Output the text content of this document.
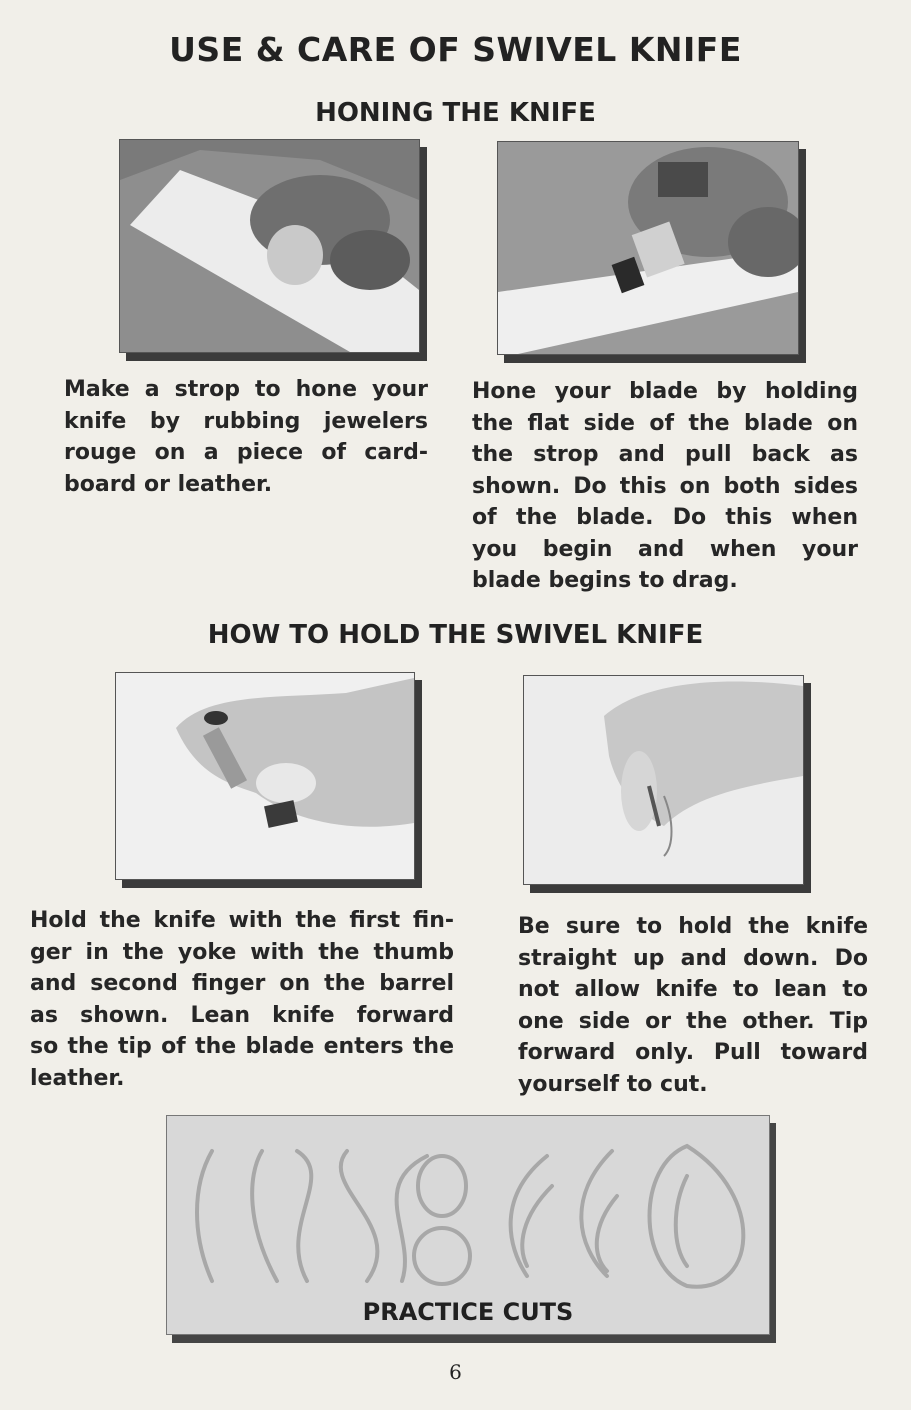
USE & CARE OF SWIVEL KNIFE
HONING THE KNIFE
Make a strop to hone your
knife by rubbing jewelers
rouge on a piece of card-
board or leather.
Hone your blade by holding
the flat side of the blade on
the strop and pull back as
shown. Do this on both sides
of the blade. Do this when
you begin and when your
blade begins to drag.
HOW TO HOLD THE SWIVEL KNIFE
Hold the knife with the first fin-
ger in the yoke with the thumb
and second finger on the barrel
as shown. Lean knife forward
so the tip of the blade enters the
leather.
Be sure to hold the knife
straight up and down. Do
not allow knife to lean to
one side or the other. Tip
forward only. Pull toward
yourself to cut.
PRACTICE CUTS
6
